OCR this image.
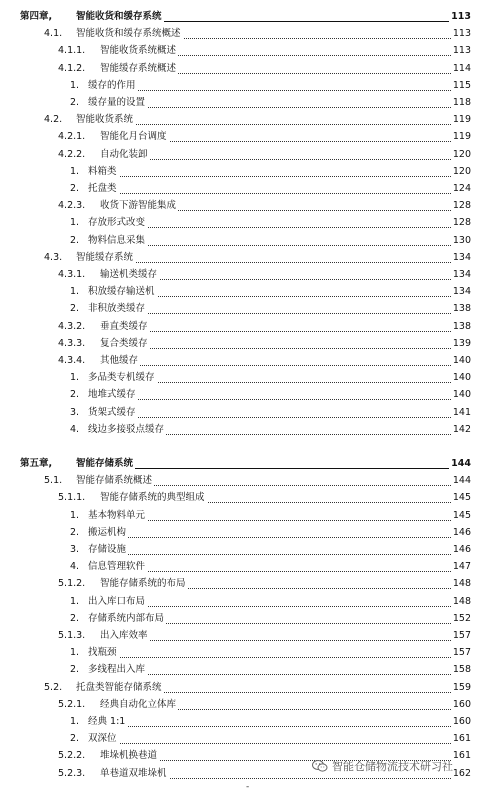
第四章,	智能收货和缓存系统	113
4.1. 智能收货和缓存系统概述	113
4.1.1. 智能收货系统概述	113
4.1.2. 智能缓存系统概述	114
1. 缓存的作用	115
2. 缓存量的设置	118
4.2. 智能收货系统	119
4.2.1. 智能化月台调度	119
4.2.2. 自动化装卸	120
1. 料箱类	120
2. 托盘类	124
4.2.3. 收货下游智能集成	128
1. 存放形式改变	128
2. 物料信息采集	130
4.3. 智能缓存系统	134
4.3.1. 输送机类缓存	134
1. 积放缓存输送机	134
2. 非积放类缓存	138
4.3.2. 垂直类缓存	138
4.3.3. 复合类缓存	139
4.3.4. 其他缓存	140
1. 多品类专机缓存	140
2. 地堆式缓存	140
3. 货架式缓存	141
4. 线边多接驳点缓存	142
第五章,	智能存储系统	144
5.1. 智能存储系统概述	144
5.1.1. 智能存储系统的典型组成	145
1. 基本物料单元	145
2. 搬运机构	146
3. 存储设施	146
4. 信息管理软件	147
5.1.2. 智能存储系统的布局	148
1. 出入库口布局	148
2. 存储系统内部布局	152
5.1.3. 出入库效率	157
1. 找瓶颈	157
2. 多线程出入库	158
5.2. 托盘类智能存储系统	159
5.2.1. 经典自动化立体库	160
1. 经典 1:1	160
2. 双深位	161
5.2.2. 堆垛机换巷道	161
5.2.3. 单巷道双堆垛机	162
智能仓储物流技术研习社
-
